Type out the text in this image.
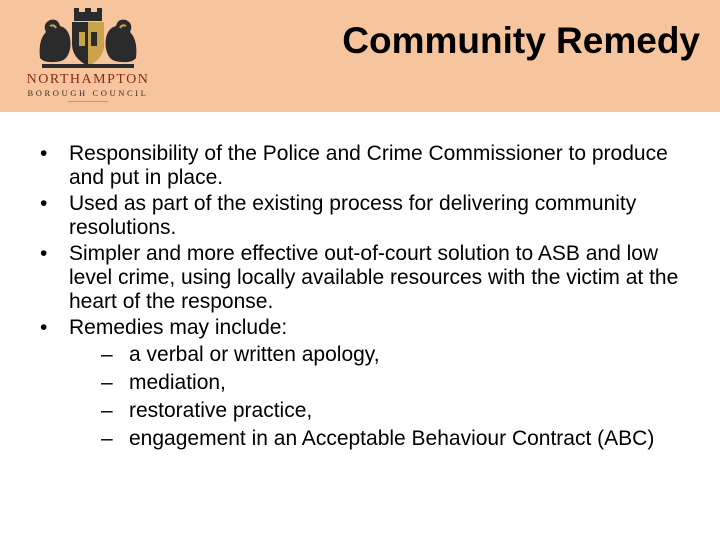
NORTHAMPTON
BOROUGH COUNCIL
Community Remedy
• Responsibility of the Police and Crime Commissioner to produce and put in place.
• Used as part of the existing process for delivering community resolutions.
• Simpler and more effective out-of-court solution to ASB and low level crime, using locally available resources with the victim at the heart of the response.
• Remedies may include:
– a verbal or written apology,
– mediation,
– restorative practice,
– engagement in an Acceptable Behaviour Contract (ABC)
